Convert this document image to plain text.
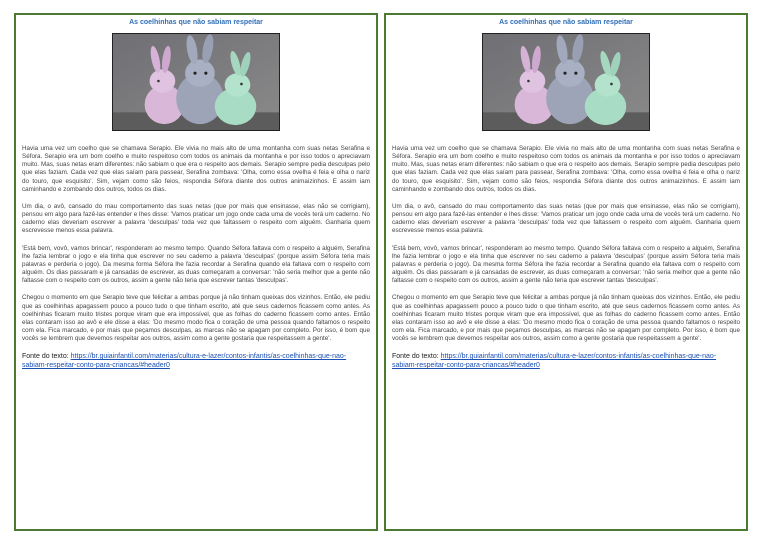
As coelhinhas que não sabiam respeitar

Havia uma vez um coelho que se chamava Serapio. Ele vivia no mais alto de uma montanha com suas netas Serafina e Séfora. Serapio era um bom coelho e muito respeitoso com todos os animais da montanha e por isso todos o apreciavam muito. Mas, suas netas eram diferentes: não sabiam o que era o respeito aos demais. Serapio sempre pedia desculpas pelo que elas faziam. Cada vez que elas saíam para passear, Serafina zombava: 'Olha, como essa ovelha é feia e olha o nariz do touro, que esquisito'. Sim, vejam como são feios, respondia Séfora diante dos outros animaizinhos. E assim iam caminhando e zombando dos outros, todos os dias.

Um dia, o avô, cansado do mau comportamento das suas netas (que por mais que ensinasse, elas não se corrigiam), pensou em algo para fazê-las entender e lhes disse: 'Vamos praticar um jogo onde cada uma de vocês terá um caderno. No caderno elas deveriam escrever a palavra 'desculpas' toda vez que faltassem o respeito com alguém. Ganharia quem escrevesse menos essa palavra.

'Está bem, vovô, vamos brincar', responderam ao mesmo tempo. Quando Séfora faltava com o respeito a alguém, Serafina lhe fazia lembrar o jogo e ela tinha que escrever no seu caderno a palavra 'desculpas' (porque assim Séfora teria mais palavras e perderia o jogo). Da mesma forma Séfora lhe fazia recordar a Serafina quando ela faltava com o respeito com alguém. Os dias passaram e já cansadas de escrever, as duas começaram a conversar: 'não seria melhor que a gente não faltasse com o respeito com os outros, assim a gente não teria que escrever tantas 'desculpas'.

Chegou o momento em que Serapio teve que felicitar a ambas porque já não tinham queixas dos vizinhos. Então, ele pediu que as coelhinhas apagassem pouco a pouco tudo o que tinham escrito, até que seus cadernos ficassem como antes. As coelhinhas ficaram muito tristes porque viram que era impossível, que as folhas do caderno ficassem como antes. Então elas contaram isso ao avô e ele disse a elas: 'Do mesmo modo fica o coração de uma pessoa quando faltamos o respeito com ela. Fica marcado, e por mais que peçamos desculpas, as marcas não se apagam por completo. Por isso, é bom que vocês se lembrem que devemos respeitar aos outros, assim como a gente gostaria que respeitassem a gente'.

Fonte do texto: https://br.guiainfantil.com/materias/cultura-e-lazer/contos-infantis/as-coelhinhas-que-nao-sabiam-respeitar-conto-para-criancas/#header0

As coelhinhas que não sabiam respeitar

Havia uma vez um coelho que se chamava Serapio. Ele vivia no mais alto de uma montanha com suas netas Serafina e Séfora. Serapio era um bom coelho e muito respeitoso com todos os animais da montanha e por isso todos o apreciavam muito. Mas, suas netas eram diferentes: não sabiam o que era o respeito aos demais. Serapio sempre pedia desculpas pelo que elas faziam. Cada vez que elas saíam para passear, Serafina zombava: 'Olha, como essa ovelha é feia e olha o nariz do touro, que esquisito'. Sim, vejam como são feios, respondia Séfora diante dos outros animaizinhos. E assim iam caminhando e zombando dos outros, todos os dias.

Um dia, o avô, cansado do mau comportamento das suas netas (que por mais que ensinasse, elas não se corrigiam), pensou em algo para fazê-las entender e lhes disse: 'Vamos praticar um jogo onde cada uma de vocês terá um caderno. No caderno elas deveriam escrever a palavra 'desculpas' toda vez que faltassem o respeito com alguém. Ganharia quem escrevesse menos essa palavra.

'Está bem, vovô, vamos brincar', responderam ao mesmo tempo. Quando Séfora faltava com o respeito a alguém, Serafina lhe fazia lembrar o jogo e ela tinha que escrever no seu caderno a palavra 'desculpas' (porque assim Séfora teria mais palavras e perderia o jogo). Da mesma forma Séfora lhe fazia recordar a Serafina quando ela faltava com o respeito com alguém. Os dias passaram e já cansadas de escrever, as duas começaram a conversar: 'não seria melhor que a gente não faltasse com o respeito com os outros, assim a gente não teria que escrever tantas 'desculpas'.

Chegou o momento em que Serapio teve que felicitar a ambas porque já não tinham queixas dos vizinhos. Então, ele pediu que as coelhinhas apagassem pouco a pouco tudo o que tinham escrito, até que seus cadernos ficassem como antes. As coelhinhas ficaram muito tristes porque viram que era impossível, que as folhas do caderno ficassem como antes. Então elas contaram isso ao avô e ele disse a elas: 'Do mesmo modo fica o coração de uma pessoa quando faltamos o respeito com ela. Fica marcado, e por mais que peçamos desculpas, as marcas não se apagam por completo. Por isso, é bom que vocês se lembrem que devemos respeitar aos outros, assim como a gente gostaria que respeitassem a gente'.

Fonte do texto: https://br.guiainfantil.com/materias/cultura-e-lazer/contos-infantis/as-coelhinhas-que-nao-sabiam-respeitar-conto-para-criancas/#header0
